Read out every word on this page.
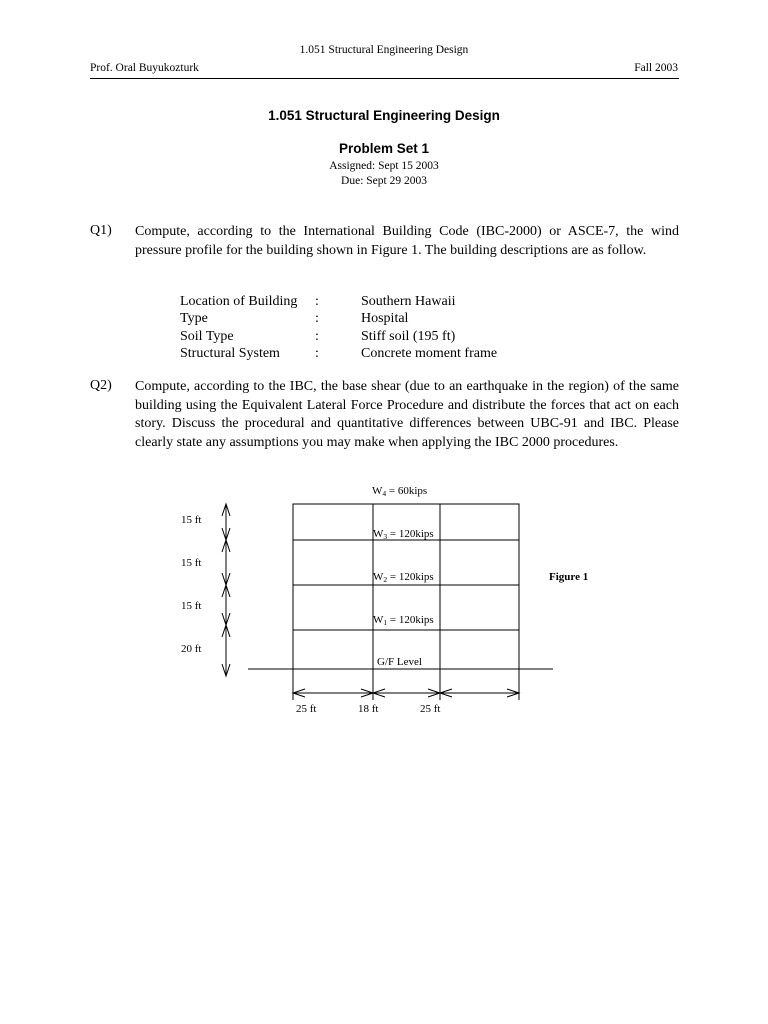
1.051 Structural Engineering Design
Prof. Oral Buyukozturk	Fall 2003
1.051 Structural Engineering Design
Problem Set 1
Assigned: Sept 15 2003
Due: Sept 29 2003
Q1) Compute, according to the International Building Code (IBC-2000) or ASCE-7, the wind pressure profile for the building shown in Figure 1. The building descriptions are as follow.
Location of Building :	Southern Hawaii
Type	:	Hospital
Soil Type	:	Stiff soil (195 ft)
Structural System	:	Concrete moment frame
Q2) Compute, according to the IBC, the base shear (due to an earthquake in the region) of the same building using the Equivalent Lateral Force Procedure and distribute the forces that act on each story. Discuss the procedural and quantitative differences between UBC-91 and IBC. Please clearly state any assumptions you may make when applying the IBC 2000 procedures.
15 ft
15 ft
15 ft
20 ft
W4 = 60kips
W3 = 120kips
W2 = 120kips
W1 = 120kips
G/F Level
25 ft	18 ft	25 ft
Figure 1
